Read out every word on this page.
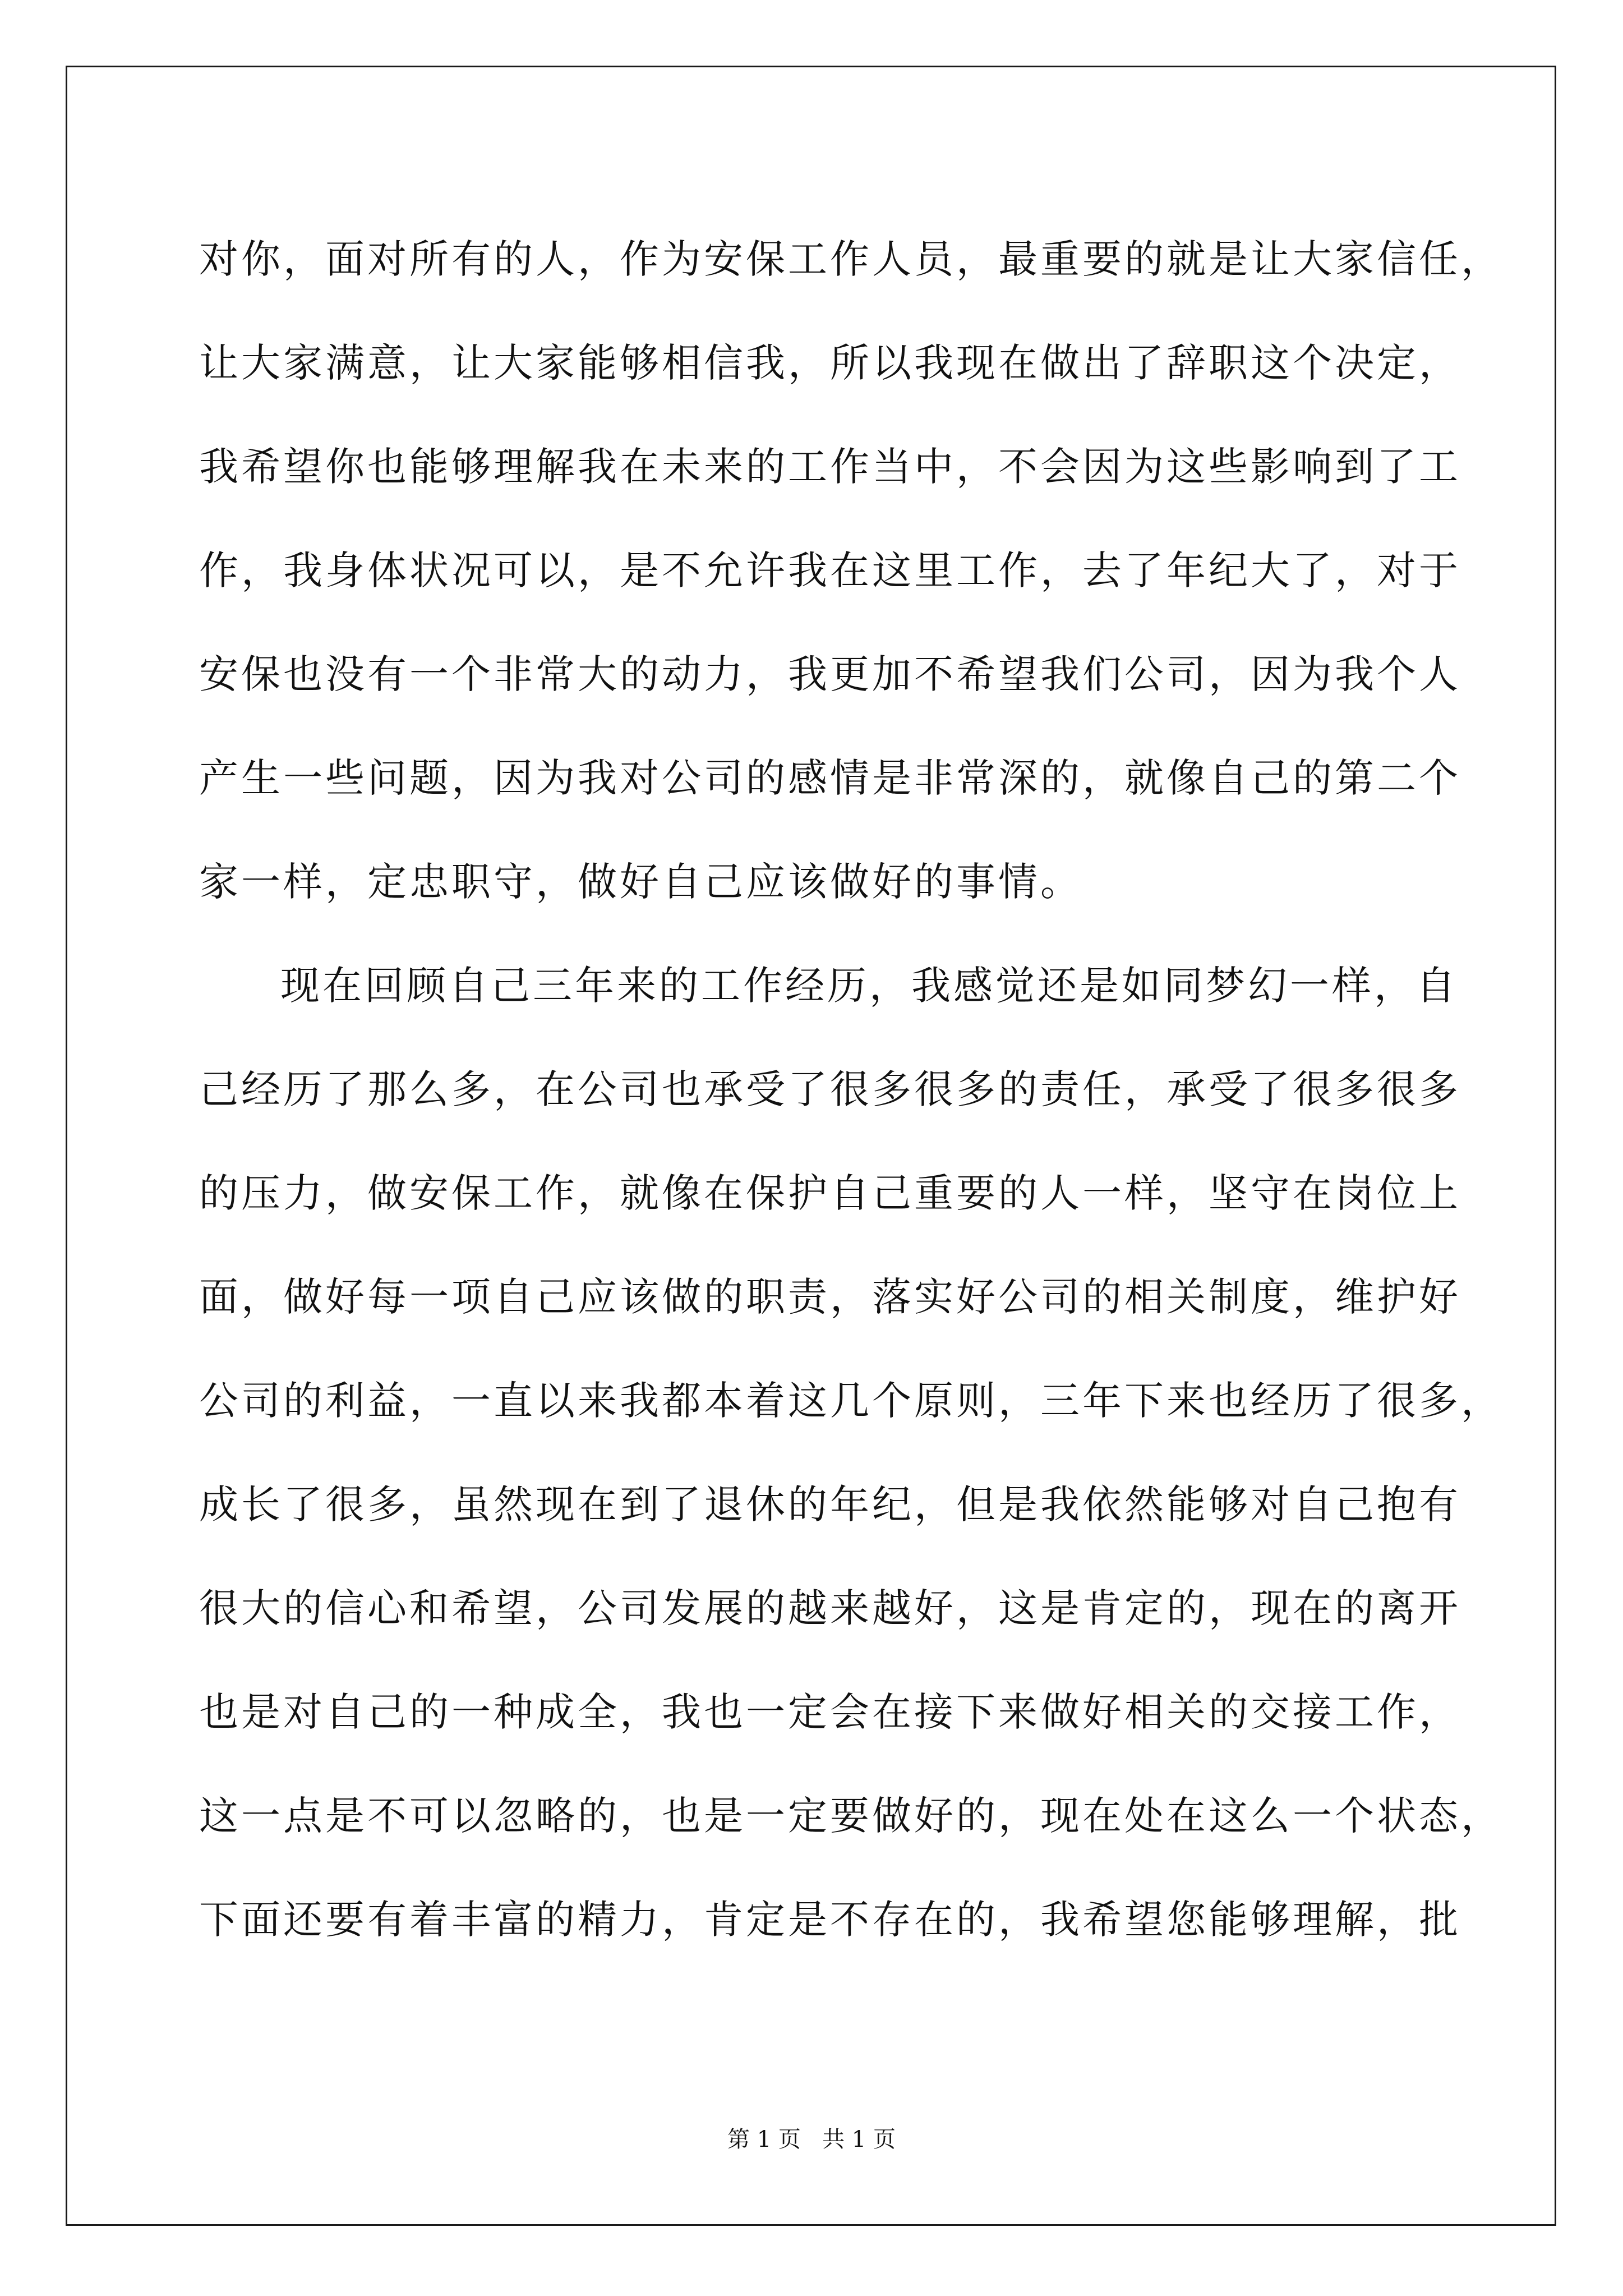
对你，面对所有的人，作为安保工作人员，最重要的就是让大家信任，
让大家满意，让大家能够相信我，所以我现在做出了辞职这个决定，
我希望你也能够理解我在未来的工作当中，不会因为这些影响到了工
作，我身体状况可以，是不允许我在这里工作，去了年纪大了，对于
安保也没有一个非常大的动力，我更加不希望我们公司，因为我个人
产生一些问题，因为我对公司的感情是非常深的，就像自己的第二个
家一样，定忠职守，做好自己应该做好的事情。
现在回顾自己三年来的工作经历，我感觉还是如同梦幻一样，自
己经历了那么多，在公司也承受了很多很多的责任，承受了很多很多
的压力，做安保工作，就像在保护自己重要的人一样，坚守在岗位上
面，做好每一项自己应该做的职责，落实好公司的相关制度，维护好
公司的利益，一直以来我都本着这几个原则，三年下来也经历了很多，
成长了很多，虽然现在到了退休的年纪，但是我依然能够对自己抱有
很大的信心和希望，公司发展的越来越好，这是肯定的，现在的离开
也是对自己的一种成全，我也一定会在接下来做好相关的交接工作，
这一点是不可以忽略的，也是一定要做好的，现在处在这么一个状态，
下面还要有着丰富的精力，肯定是不存在的，我希望您能够理解，批
第 1 页   共 1 页
